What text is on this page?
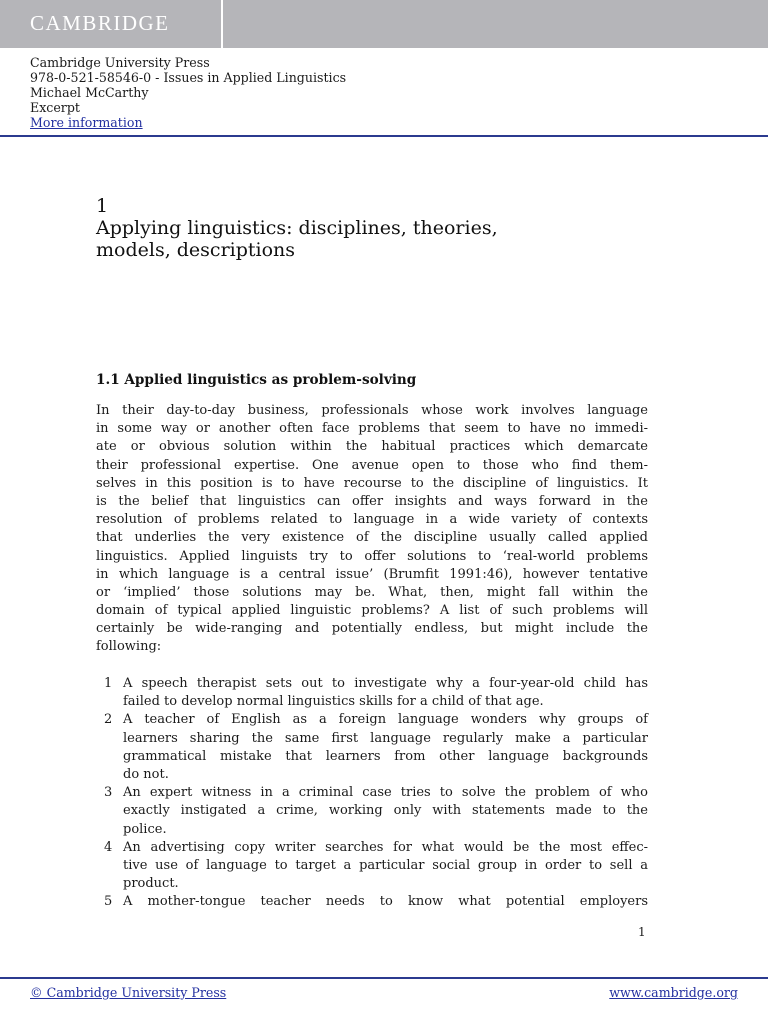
CAMBRIDGE
Cambridge University Press
978-0-521-58546-0 - Issues in Applied Linguistics
Michael McCarthy
Excerpt
More information
1
Applying linguistics: disciplines, theories,
models, descriptions
1.1 Applied linguistics as problem-solving
In their day-to-day business, professionals whose work involves language
in some way or another often face problems that seem to have no immedi-
ate or obvious solution within the habitual practices which demarcate
their professional expertise. One avenue open to those who find them-
selves in this position is to have recourse to the discipline of linguistics. It
is the belief that linguistics can offer insights and ways forward in the
resolution of problems related to language in a wide variety of contexts
that underlies the very existence of the discipline usually called applied
linguistics. Applied linguists try to offer solutions to ‘real-world problems
in which language is a central issue’ (Brumfit 1991:46), however tentative
or ‘implied’ those solutions may be. What, then, might fall within the
domain of typical applied linguistic problems? A list of such problems will
certainly be wide-ranging and potentially endless, but might include the
following:
1 A speech therapist sets out to investigate why a four-year-old child has
failed to develop normal linguistics skills for a child of that age.
2 A teacher of English as a foreign language wonders why groups of
learners sharing the same first language regularly make a particular
grammatical mistake that learners from other language backgrounds
do not.
3 An expert witness in a criminal case tries to solve the problem of who
exactly instigated a crime, working only with statements made to the
police.
4 An advertising copy writer searches for what would be the most effec-
tive use of language to target a particular social group in order to sell a
product.
5 A mother-tongue teacher needs to know what potential employers
1
© Cambridge University Press	www.cambridge.org
